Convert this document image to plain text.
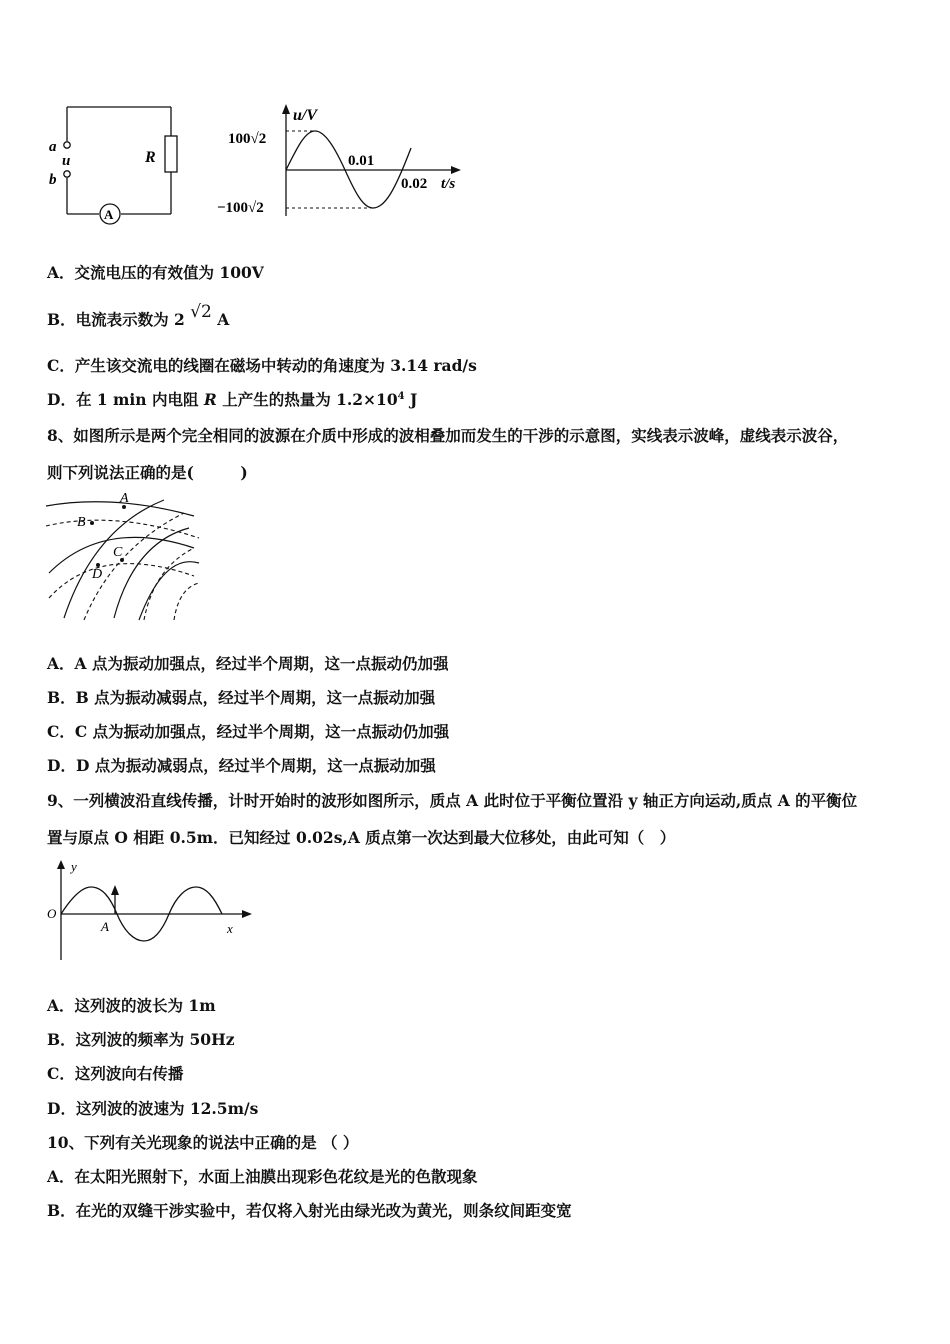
a
u
b
R
A
u/V
100√2
−100√2
0.01
0.02 t/s
A．交流电压的有效值为 100V
B．电流表示数为 2 √2 A
C．产生该交流电的线圈在磁场中转动的角速度为 3.14 rad/s
D．在 1 min 内电阻 R 上产生的热量为 $1.2\times 10^4$ J
8、如图所示是两个完全相同的波源在介质中形成的波相叠加而发生的干涉的示意图，实线表示波峰，虚线表示波谷，
则下列说法正确的是(　　　)
A
B
C
D
A．A 点为振动加强点，经过半个周期，这一点振动仍加强
B．B 点为振动减弱点，经过半个周期，这一点振动加强
C．C 点为振动加强点，经过半个周期，这一点振动仍加强
D．D 点为振动减弱点，经过半个周期，这一点振动加强
9、一列横波沿直线传播，计时开始时的波形如图所示，质点 A 此时位于平衡位置沿 y 轴正方向运动,质点 A 的平衡位
置与原点 O 相距 0.5m．已知经过 0.02s,A 质点第一次达到最大位移处，由此可知（　）
y
O
A	x
A．这列波的波长为 1m
B．这列波的频率为 50Hz
C．这列波向右传播
D．这列波的波速为 12.5m/s
10、下列有关光现象的说法中正确的是 （ ）
A．在太阳光照射下，水面上油膜出现彩色花纹是光的色散现象
B．在光的双缝干涉实验中，若仅将入射光由绿光改为黄光，则条纹间距变宽
